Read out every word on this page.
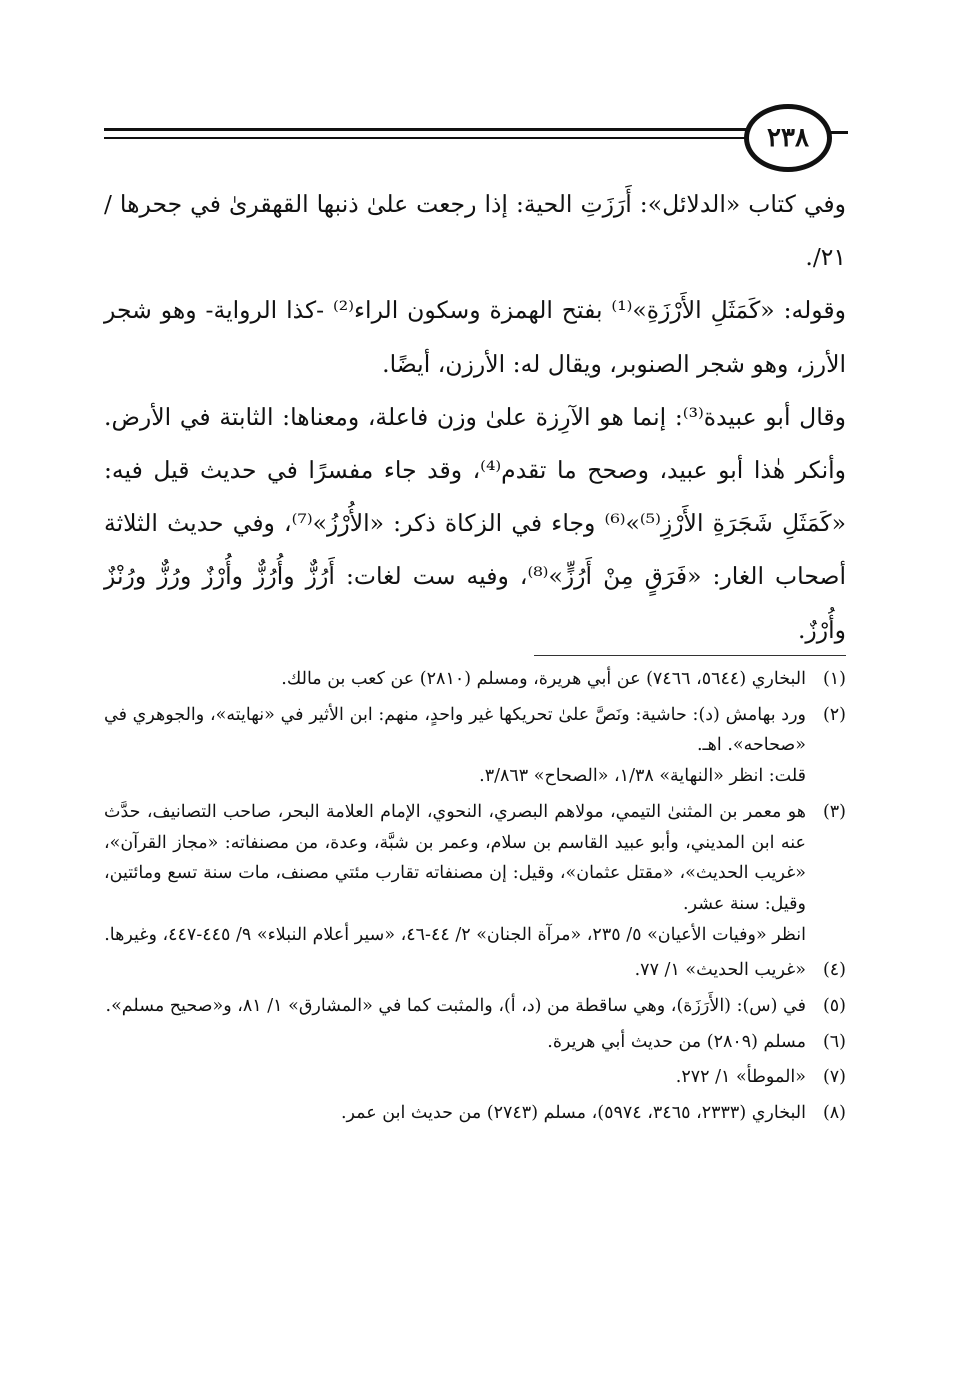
٢٣٨

وفي كتاب «الدلائل»: أَرَزَتِ الحية: إذا رجعت علىٰ ذنبها القهقرىٰ في جحرها /٢١/.

وقوله: «كَمَثَلِ الأَرْزَةِ»⁽¹⁾ بفتح الهمزة وسكون الراء⁽²⁾ -كذا الرواية- وهو شجر الأرز، وهو شجر الصنوبر، ويقال له: الأرزن، أيضًا.

وقال أبو عبيدة⁽³⁾: إنما هو الآرِزة علىٰ وزن فاعلة، ومعناها: الثابتة في الأرض. وأنكر هٰذا أبو عبيد، وصحح ما تقدم⁽⁴⁾، وقد جاء مفسرًا في حديث قيل فيه: «كَمَثَلِ شَجَرَةِ الأَرْزِ⁽⁵⁾»⁽⁶⁾ وجاء في الزكاة ذكر: «الأُرْزُ»⁽⁷⁾، وفي حديث الثلاثة أصحاب الغار: «فَرَقٍ مِنْ أَرُزٍّ»⁽⁸⁾، وفيه ست لغات: أَرُزٌّ وأُرُزٌّ وأُرْزٌ ورُزٌّ ورُنْزٌ وأُرْزٌ.

(١)
البخاري (٥٦٤٤، ٧٤٦٦) عن أبي هريرة، ومسلم (٢٨١٠) عن كعب بن مالك.
(٢)
ورد بهامش (د): حاشية: ونَصَّ علىٰ تحريكها غير واحدٍ، منهم: ابن الأثير في «نهايته»، والجوهري في «صحاحه». اهـ.
قلت: انظر «النهاية» ١/٣٨، «الصحاح» ٣/٨٦٣.
(٣)
هو معمر بن المثنىٰ التيمي، مولاهم البصري، النحوي، الإمام العلامة البحر، صاحب التصانيف، حدَّث عنه ابن المديني، وأبو عبيد القاسم بن سلام، وعمر بن شبَّة، وعدة، من مصنفاته: «مجاز القرآن»، «غريب الحديث»، «مقتل عثمان»، وقيل: إن مصنفاته تقارب مئتي مصنف، مات سنة تسع ومائتين، وقيل: سنة عشر.
انظر «وفيات الأعيان» ٥/ ٢٣٥، «مرآة الجنان» ٢/ ٤٤-٤٦، «سير أعلام النبلاء» ٩/ ٤٤٥-٤٤٧، وغيرها.
(٤)
«غريب الحديث» ١/ ٧٧.
(٥)
في (س): (الأَرَزَة)، وهي ساقطة من (د، أ)، والمثبت كما في «المشارق» ١/ ٨١، و«صحيح مسلم».
(٦)
مسلم (٢٨٠٩) من حديث أبي هريرة.
(٧)
«الموطأ» ١/ ٢٧٢.
(٨)
البخاري (٢٣٣٣، ٣٤٦٥، ٥٩٧٤)، مسلم (٢٧٤٣) من حديث ابن عمر.
